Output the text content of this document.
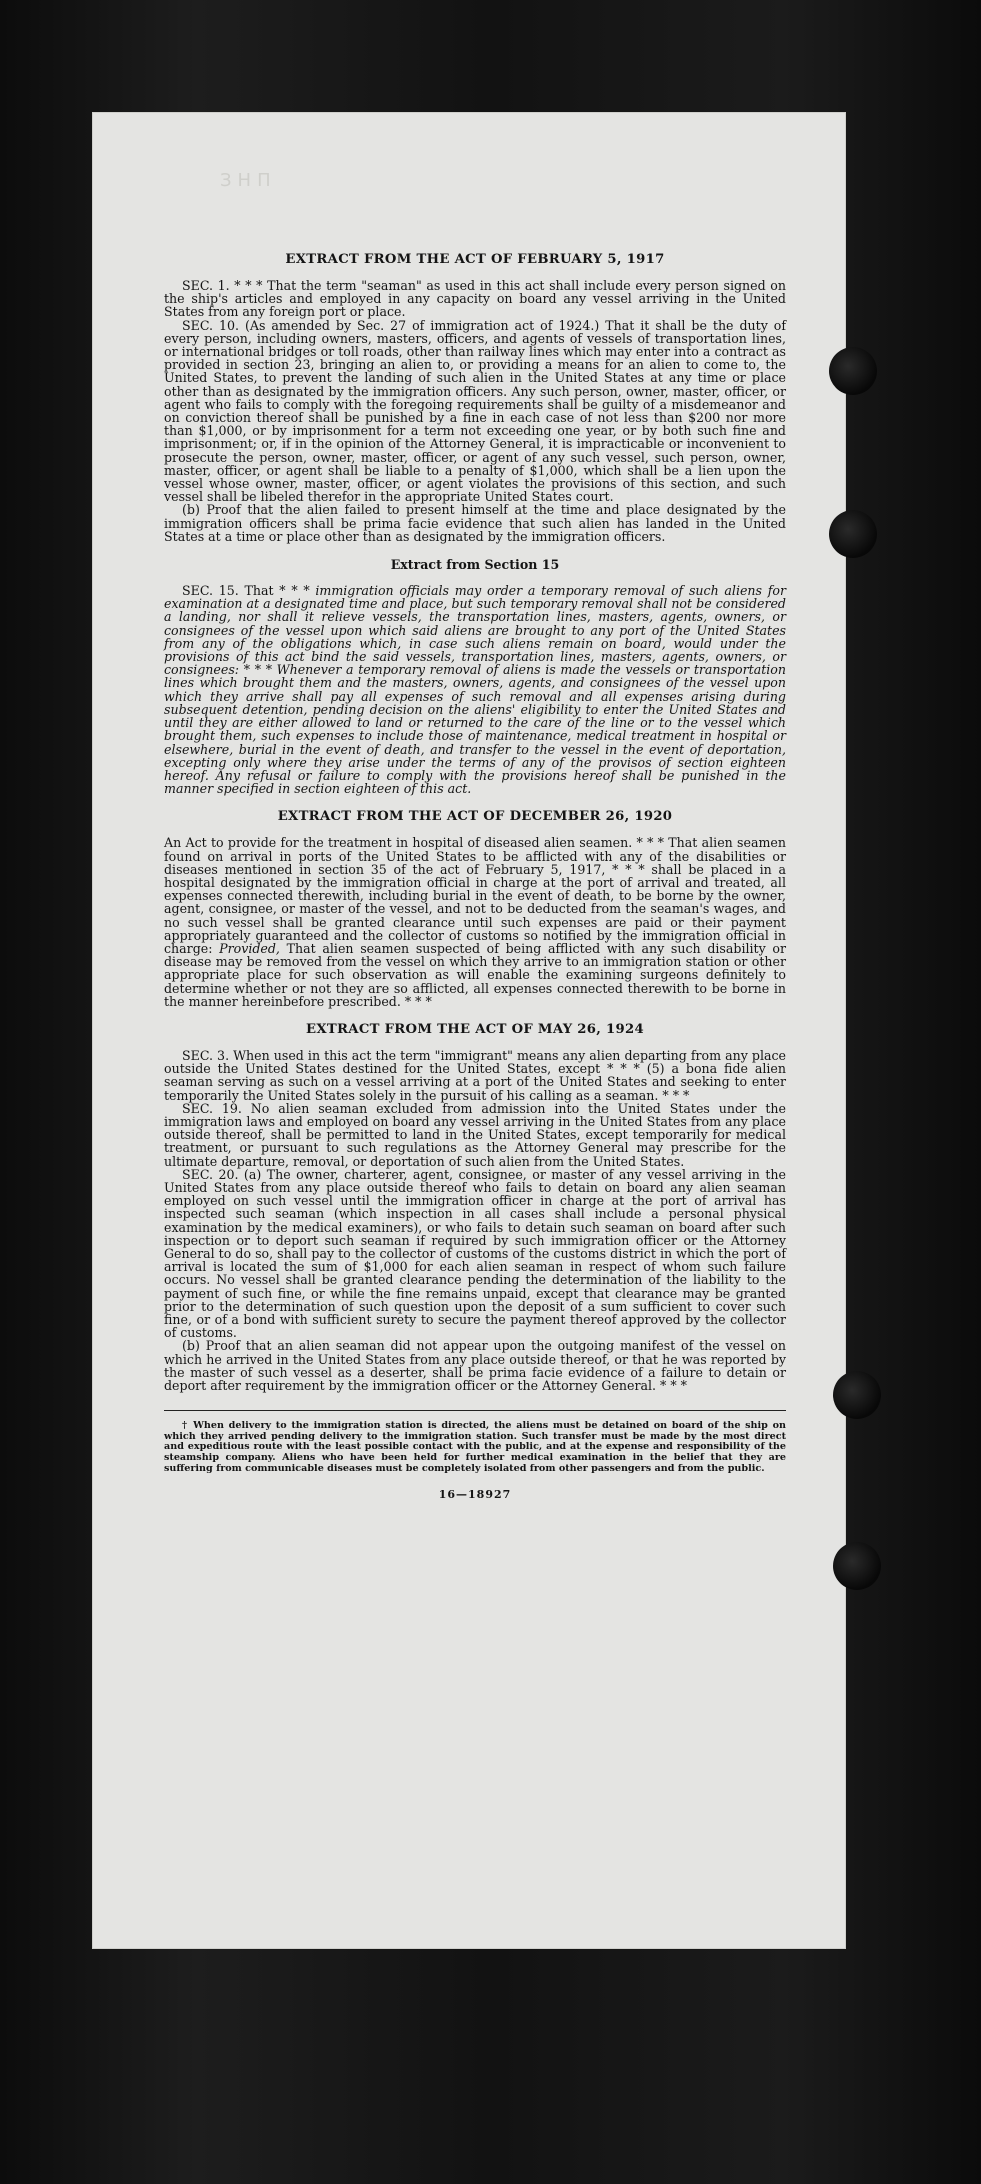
ЗНП
EXTRACT FROM THE ACT OF FEBRUARY 5, 1917

SEC. 1. * * * That the term "seaman" as used in this act shall include every person signed on the ship's articles and employed in any capacity on board any vessel arriving in the United States from any foreign port or place.

SEC. 10. (As amended by Sec. 27 of immigration act of 1924.) That it shall be the duty of every person, including owners, masters, officers, and agents of vessels of transportation lines, or international bridges or toll roads, other than railway lines which may enter into a contract as provided in section 23, bringing an alien to, or providing a means for an alien to come to, the United States, to prevent the landing of such alien in the United States at any time or place other than as designated by the immigration officers. Any such person, owner, master, officer, or agent who fails to comply with the foregoing requirements shall be guilty of a misdemeanor and on conviction thereof shall be punished by a fine in each case of not less than $200 nor more than $1,000, or by imprisonment for a term not exceeding one year, or by both such fine and imprisonment; or, if in the opinion of the Attorney General, it is impracticable or inconvenient to prosecute the person, owner, master, officer, or agent of any such vessel, such person, owner, master, officer, or agent shall be liable to a penalty of $1,000, which shall be a lien upon the vessel whose owner, master, officer, or agent violates the provisions of this section, and such vessel shall be libeled therefor in the appropriate United States court.

(b) Proof that the alien failed to present himself at the time and place designated by the immigration officers shall be prima facie evidence that such alien has landed in the United States at a time or place other than as designated by the immigration officers.

Extract from Section 15

SEC. 15. That * * * immigration officials may order a temporary removal of such aliens for examination at a designated time and place, but such temporary removal shall not be considered a landing, nor shall it relieve vessels, the transportation lines, masters, agents, owners, or consignees of the vessel upon which said aliens are brought to any port of the United States from any of the obligations which, in case such aliens remain on board, would under the provisions of this act bind the said vessels, transportation lines, masters, agents, owners, or consignees: * * * Whenever a temporary removal of aliens is made the vessels or transportation lines which brought them and the masters, owners, agents, and consignees of the vessel upon which they arrive shall pay all expenses of such removal and all expenses arising during subsequent detention, pending decision on the aliens' eligibility to enter the United States and until they are either allowed to land or returned to the care of the line or to the vessel which brought them, such expenses to include those of maintenance, medical treatment in hospital or elsewhere, burial in the event of death, and transfer to the vessel in the event of deportation, excepting only where they arise under the terms of any of the provisos of section eighteen hereof. Any refusal or failure to comply with the provisions hereof shall be punished in the manner specified in section eighteen of this act.

EXTRACT FROM THE ACT OF DECEMBER 26, 1920

An Act to provide for the treatment in hospital of diseased alien seamen. * * * That alien seamen found on arrival in ports of the United States to be afflicted with any of the disabilities or diseases mentioned in section 35 of the act of February 5, 1917, * * * shall be placed in a hospital designated by the immigration official in charge at the port of arrival and treated, all expenses connected therewith, including burial in the event of death, to be borne by the owner, agent, consignee, or master of the vessel, and not to be deducted from the seaman's wages, and no such vessel shall be granted clearance until such expenses are paid or their payment appropriately guaranteed and the collector of customs so notified by the immigration official in charge: Provided, That alien seamen suspected of being afflicted with any such disability or disease may be removed from the vessel on which they arrive to an immigration station or other appropriate place for such observation as will enable the examining surgeons definitely to determine whether or not they are so afflicted, all expenses connected therewith to be borne in the manner hereinbefore prescribed. * * *

EXTRACT FROM THE ACT OF MAY 26, 1924

SEC. 3. When used in this act the term "immigrant" means any alien departing from any place outside the United States destined for the United States, except * * * (5) a bona fide alien seaman serving as such on a vessel arriving at a port of the United States and seeking to enter temporarily the United States solely in the pursuit of his calling as a seaman. * * *

SEC. 19. No alien seaman excluded from admission into the United States under the immigration laws and employed on board any vessel arriving in the United States from any place outside thereof, shall be permitted to land in the United States, except temporarily for medical treatment, or pursuant to such regulations as the Attorney General may prescribe for the ultimate departure, removal, or deportation of such alien from the United States.

SEC. 20. (a) The owner, charterer, agent, consignee, or master of any vessel arriving in the United States from any place outside thereof who fails to detain on board any alien seaman employed on such vessel until the immigration officer in charge at the port of arrival has inspected such seaman (which inspection in all cases shall include a personal physical examination by the medical examiners), or who fails to detain such seaman on board after such inspection or to deport such seaman if required by such immigration officer or the Attorney General to do so, shall pay to the collector of customs of the customs district in which the port of arrival is located the sum of $1,000 for each alien seaman in respect of whom such failure occurs. No vessel shall be granted clearance pending the determination of the liability to the payment of such fine, or while the fine remains unpaid, except that clearance may be granted prior to the determination of such question upon the deposit of a sum sufficient to cover such fine, or of a bond with sufficient surety to secure the payment thereof approved by the collector of customs.

(b) Proof that an alien seaman did not appear upon the outgoing manifest of the vessel on which he arrived in the United States from any place outside thereof, or that he was reported by the master of such vessel as a deserter, shall be prima facie evidence of a failure to detain or deport after requirement by the immigration officer or the Attorney General. * * *

† When delivery to the immigration station is directed, the aliens must be detained on board of the ship on which they arrived pending delivery to the immigration station. Such transfer must be made by the most direct and expeditious route with the least possible contact with the public, and at the expense and responsibility of the steamship company. Aliens who have been held for further medical examination in the belief that they are suffering from communicable diseases must be completely isolated from other passengers and from the public.

16—18927
